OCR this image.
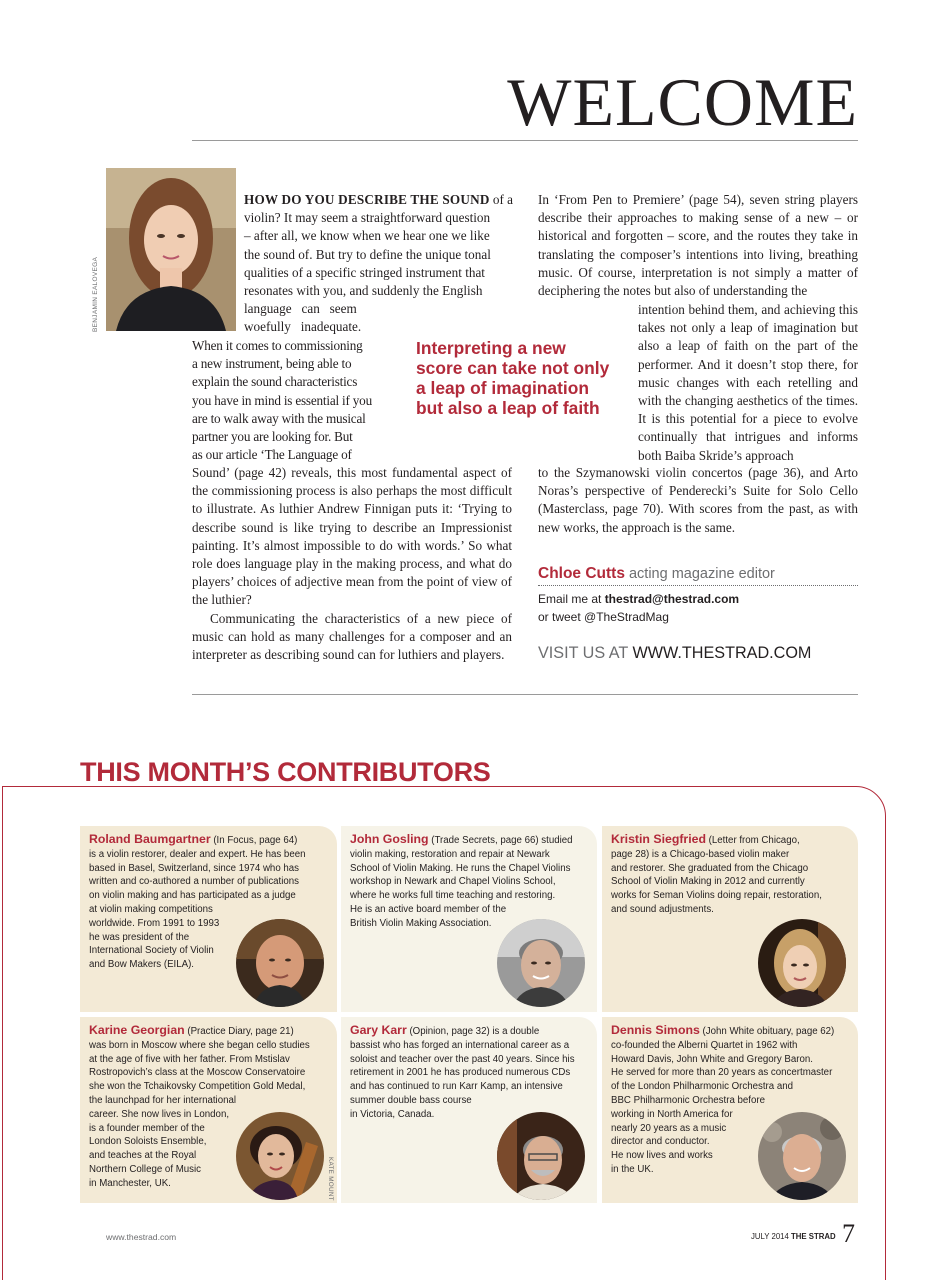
WELCOME
BENJAMIN EALOVEGA
HOW DO YOU DESCRIBE THE SOUND of a
violin? It may seem a straightforward question
– after all, we know when we hear one we like
the sound of. But try to define the unique tonal
qualities of a specific stringed instrument that
resonates with you, and suddenly the English
language   can   seem
woefully   inadequate.
When it comes to commissioning
a new instrument, being able to
explain the sound characteristics
you have in mind is essential if you
are to walk away with the musical
partner you are looking for. But
as our article ‘The Language of

Sound’ (page 42) reveals, this most fundamental aspect of the commissioning process is also perhaps the most difficult to illustrate. As luthier Andrew Finnigan puts it: ‘Trying to describe sound is like trying to describe an Impressionist painting. It’s almost impossible to do with words.’ So what role does language play in the making process, and what do players’ choices of adjective mean from the point of view of the luthier?

Communicating the characteristics of a new piece of music can hold as many challenges for a composer and an interpreter as describing sound can for luthiers and players.

Interpreting a new score can take not only a leap of imagination but also a leap of faith
In ‘From Pen to Premiere’ (page 54), seven string players describe their approaches to making sense of a new – or historical and forgotten – score, and the routes they take in translating the composer’s intentions into living, breathing music. Of course, interpretation is not simply a matter of deciphering the notes but also of understanding the
intention behind them, and achieving this takes not only a leap of imagination but also a leap of faith on the part of the performer. And it doesn’t stop there, for music changes with each retelling and with the changing aesthetics of the times. It is this potential for a piece to evolve continually that intrigues and informs both Baiba Skride’s approach
to the Szymanowski violin concertos (page 36), and Arto Noras’s perspective of Penderecki’s Suite for Solo Cello (Masterclass, page 70). With scores from the past, as with new works, the approach is the same.
Chloe Cutts acting magazine editor
Email me at thestrad@thestrad.com
or tweet @TheStradMag
VISIT US AT WWW.THESTRAD.COM
THIS MONTH’S CONTRIBUTORS
Roland Baumgartner (In Focus, page 64)
is a violin restorer, dealer and expert. He has been
based in Basel, Switzerland, since 1974 who has
written and co-authored a number of publications
on violin making and has participated as a judge
at violin making competitions
worldwide. From 1991 to 1993
he was president of the
International Society of Violin
and Bow Makers (EILA).
John Gosling (Trade Secrets, page 66) studied
violin making, restoration and repair at Newark
School of Violin Making. He runs the Chapel Violins
workshop in Newark and Chapel Violins School,
where he works full time teaching and restoring.
He is an active board member of the
British Violin Making Association.
Kristin Siegfried (Letter from Chicago,
page 28) is a Chicago-based violin maker
and restorer. She graduated from the Chicago
School of Violin Making in 2012 and currently
works for Seman Violins doing repair, restoration,
and sound adjustments.
Karine Georgian (Practice Diary, page 21)
was born in Moscow where she began cello studies
at the age of five with her father. From Mstislav
Rostropovich’s class at the Moscow Conservatoire
she won the Tchaikovsky Competition Gold Medal,
the launchpad for her international
career. She now lives in London,
is a founder member of the
London Soloists Ensemble,
and teaches at the Royal
Northern College of Music
in Manchester, UK.	KATE MOUNT
Gary Karr (Opinion, page 32) is a double
bassist who has forged an international career as a
soloist and teacher over the past 40 years. Since his
retirement in 2001 he has produced numerous CDs
and has continued to run Karr Kamp, an intensive
summer double bass course
in Victoria, Canada.
Dennis Simons (John White obituary, page 62)
co-founded the Alberni Quartet in 1962 with
Howard Davis, John White and Gregory Baron.
He served for more than 20 years as concertmaster
of the London Philharmonic Orchestra and
BBC Philharmonic Orchestra before
working in North America for
nearly 20 years as a music
director and conductor.
He now lives and works
in the UK.
www.thestrad.com	JULY 2014 THE STRAD 7
